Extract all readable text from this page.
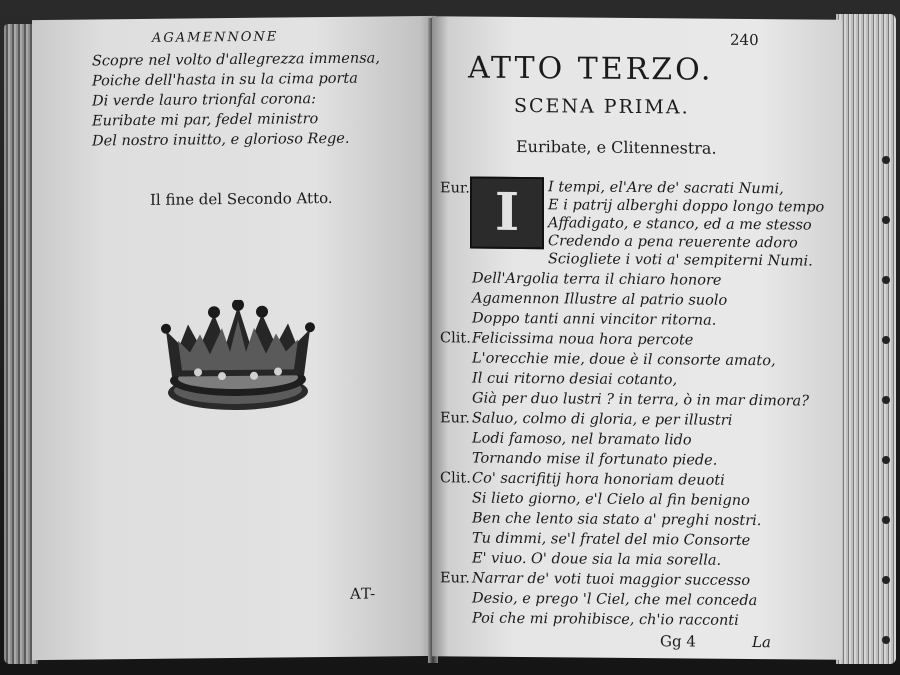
AGAMENNONE
Scopre nel volto d'allegrezza immensa,
Poiche dell'hasta in su la cima porta
Di verde lauro trionfal corona:
Euribate mi par, fedel ministro
Del nostro inuitto, e glorioso Rege.
Il fine del Secondo Atto.
AT-
240
ATTO TERZO.
SCENA PRIMA.
Euribate, e Clitennestra.
I
Eur.	I tempi, el'Are de' sacrati Numi,
E i patrij alberghi doppo longo tempo
Affadigato, e stanco, ed a me stesso
Credendo a pena reuerente adoro
Sciogliete i voti a' sempiterni Numi.
Dell'Argolia terra il chiaro honore
Agamennon Illustre al patrio suolo
Doppo tanti anni vincitor ritorna.
Clit. Felicissima noua hora percote
L'orecchie mie, doue è il consorte amato,
Il cui ritorno desiai cotanto,
Già per duo lustri ? in terra, ò in mar dimora?
Eur. Saluo, colmo di gloria, e per illustri
Lodi famoso, nel bramato lido
Tornando mise il fortunato piede.
Clit. Co' sacrifitij hora honoriam deuoti
Si lieto giorno, e'l Cielo al fin benigno
Ben che lento sia stato a' preghi nostri.
Tu dimmi, se'l fratel del mio Consorte
E' viuo. O' doue sia la mia sorella.
Eur. Narrar de' voti tuoi maggior successo
Desio, e prego 'l Ciel, che mel conceda
Poi che mi prohibisce, ch'io racconti
Gg 4	La
